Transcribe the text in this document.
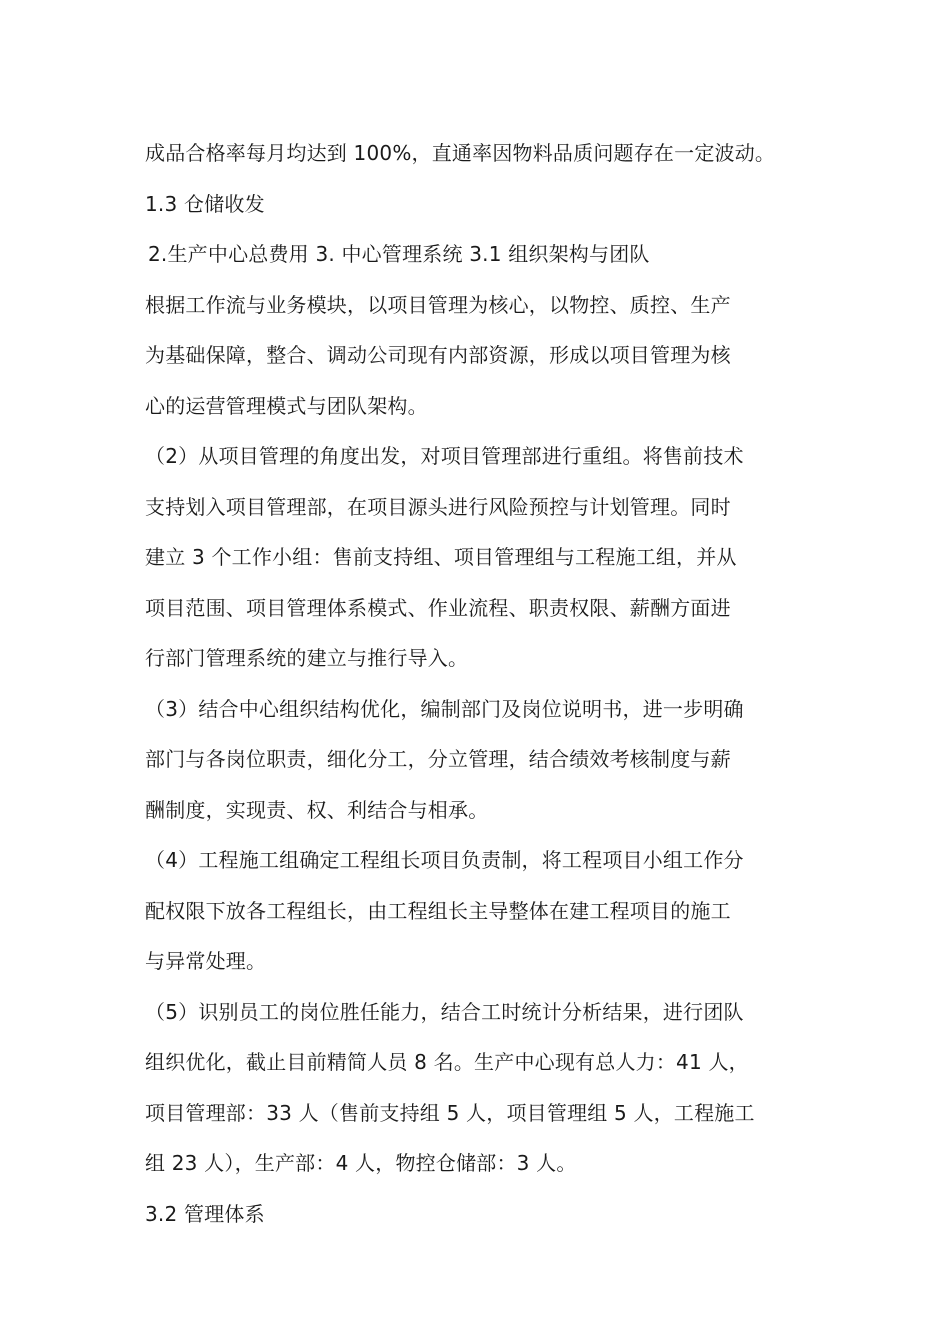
成品合格率每月均达到 100%，直通率因物料品质问题存在一定波动。
1.3 仓储收发
2.生产中心总费用 3. 中心管理系统 3.1 组织架构与团队
根据工作流与业务模块，以项目管理为核心，以物控、质控、生产
为基础保障，整合、调动公司现有内部资源，形成以项目管理为核
心的运营管理模式与团队架构。
（2）从项目管理的角度出发，对项目管理部进行重组。将售前技术
支持划入项目管理部，在项目源头进行风险预控与计划管理。同时
建立 3 个工作小组：售前支持组、项目管理组与工程施工组，并从
项目范围、项目管理体系模式、作业流程、职责权限、薪酬方面进
行部门管理系统的建立与推行导入。
（3）结合中心组织结构优化，编制部门及岗位说明书，进一步明确
部门与各岗位职责，细化分工，分立管理，结合绩效考核制度与薪
酬制度，实现责、权、利结合与相承。
（4）工程施工组确定工程组长项目负责制，将工程项目小组工作分
配权限下放各工程组长，由工程组长主导整体在建工程项目的施工
与异常处理。
（5）识别员工的岗位胜任能力，结合工时统计分析结果，进行团队
组织优化，截止目前精简人员 8 名。生产中心现有总人力：41 人，
项目管理部：33 人（售前支持组 5 人，项目管理组 5 人，工程施工
组 23 人），生产部：4 人，物控仓储部：3 人。
3.2 管理体系
